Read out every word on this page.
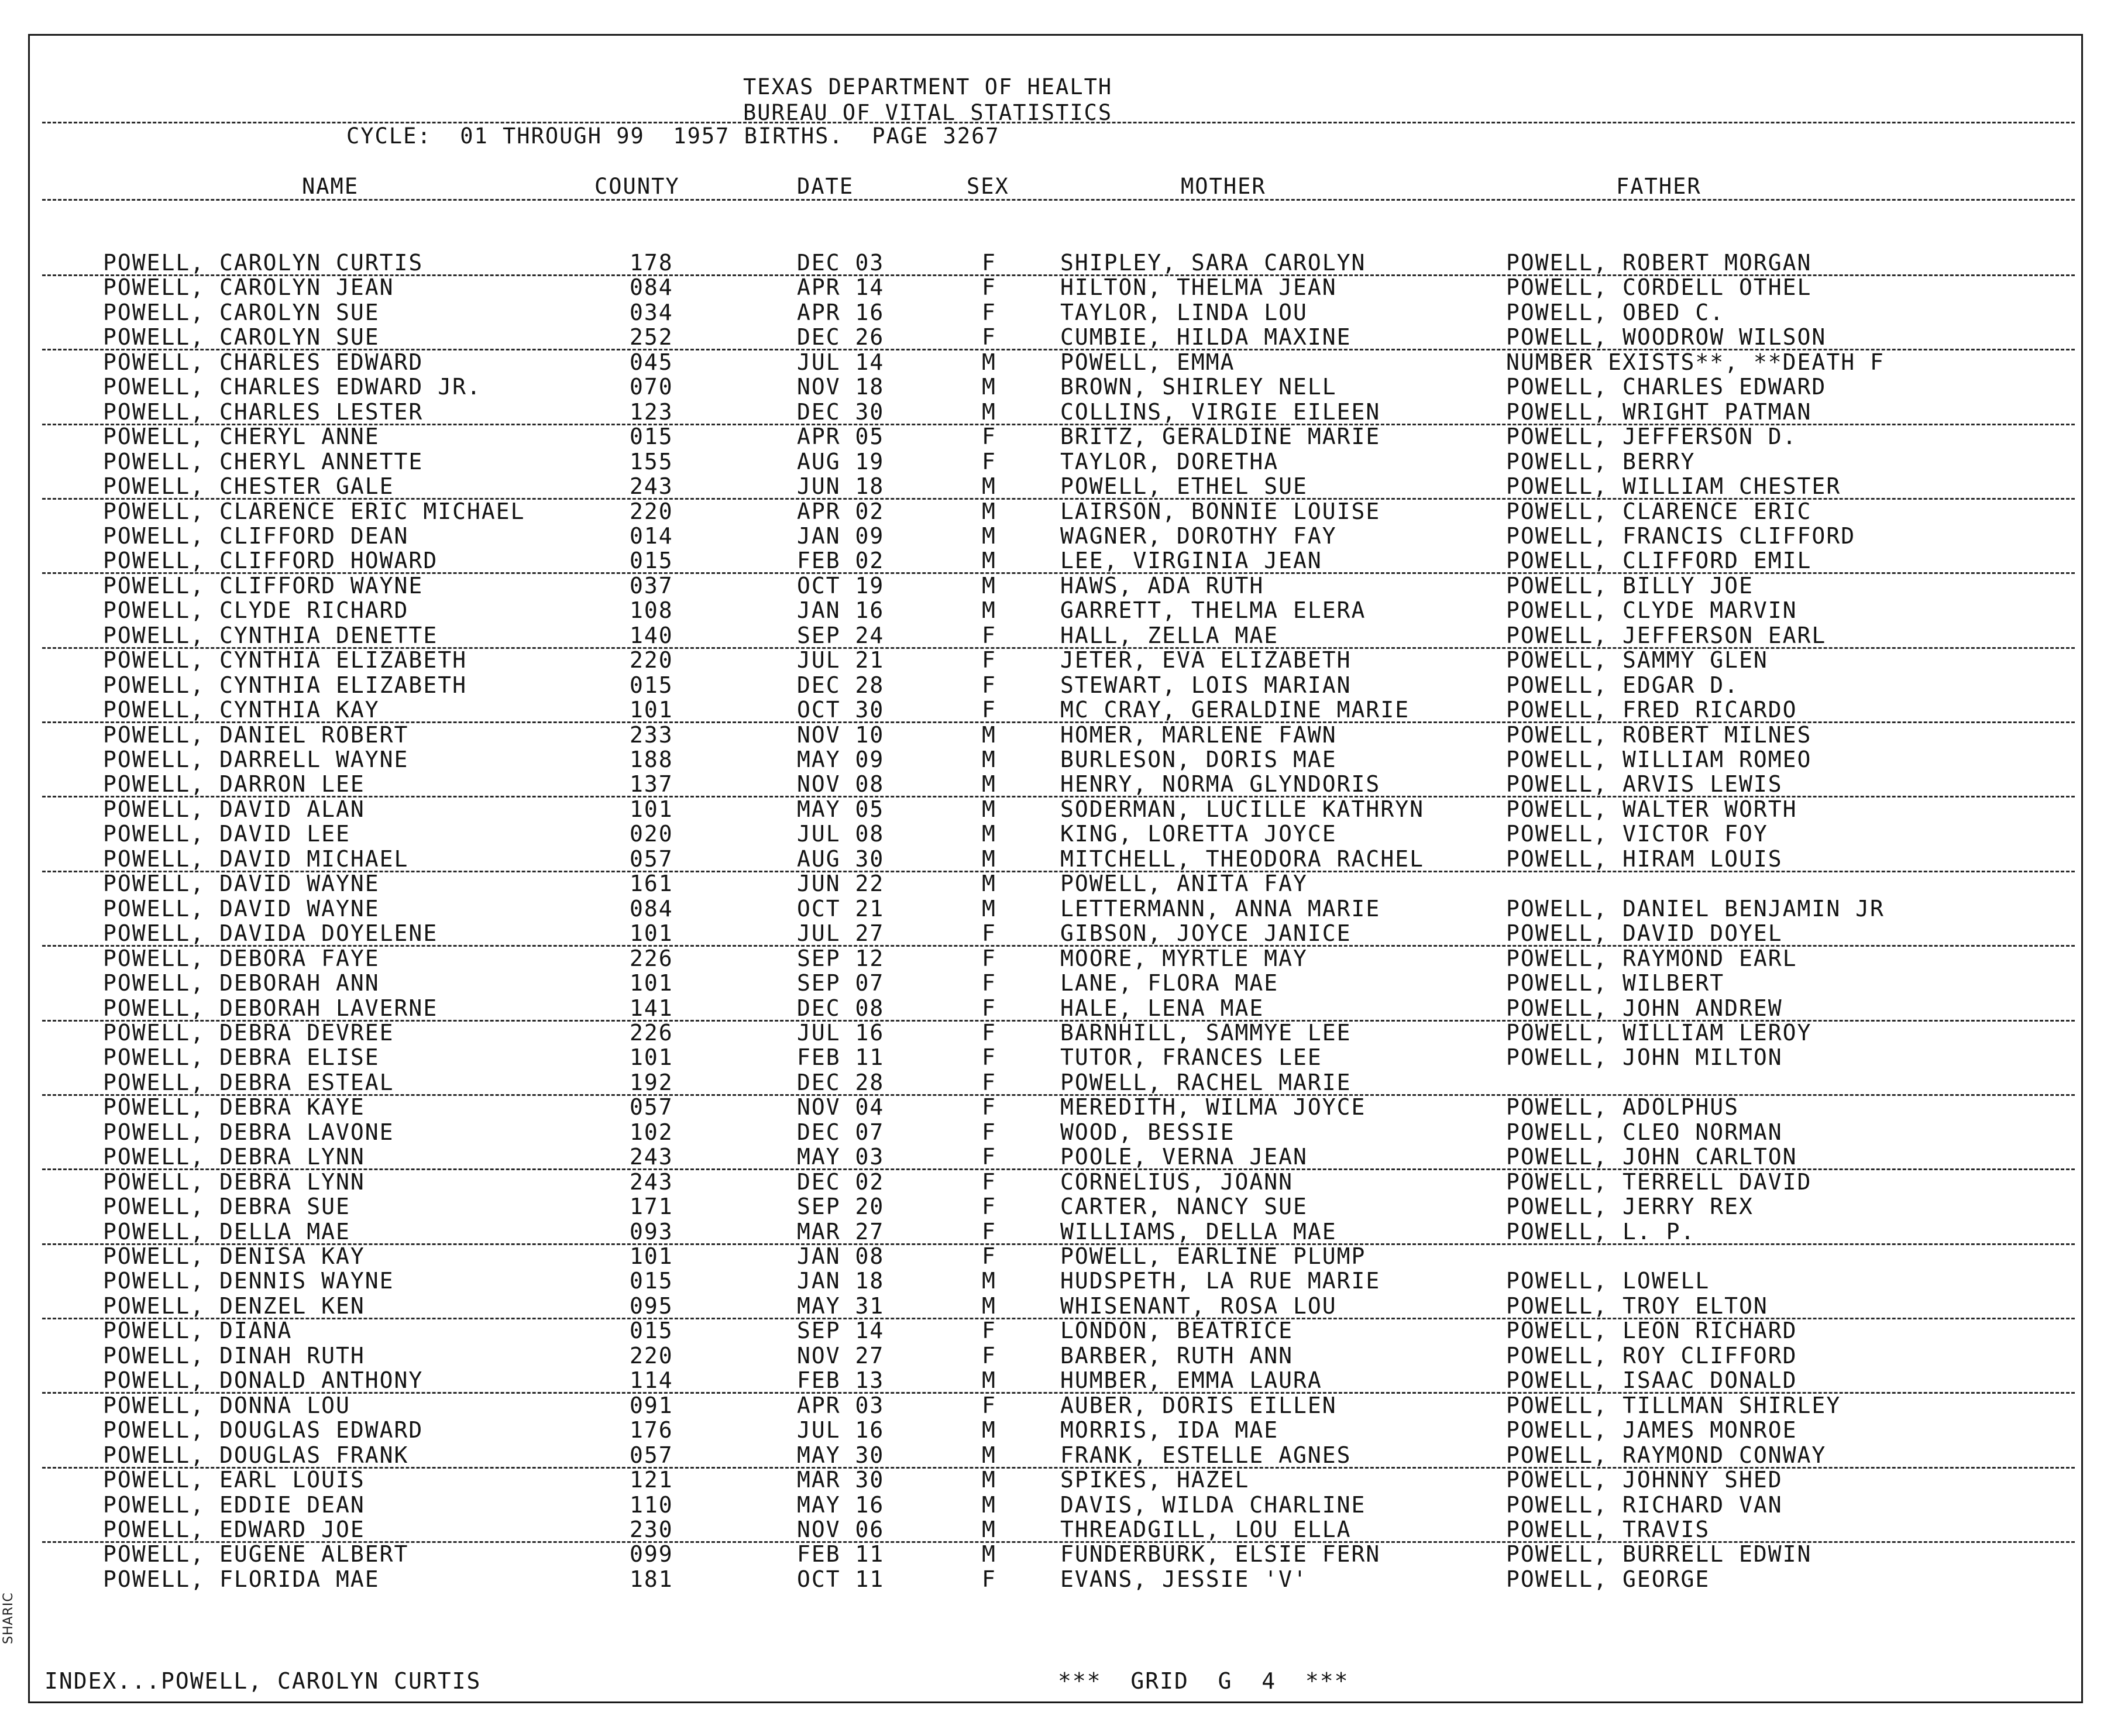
TEXAS DEPARTMENT OF HEALTH
BUREAU OF VITAL STATISTICS
CYCLE:  01 THROUGH 99  1957 BIRTHS.  PAGE 3267
NAME	COUNTY	DATE	SEX	MOTHER	FATHER
POWELL, CAROLYN CURTIS	178	DEC 03	F	SHIPLEY, SARA CAROLYN	POWELL, ROBERT MORGAN
POWELL, CAROLYN JEAN	084	APR 14	F	HILTON, THELMA JEAN	POWELL, CORDELL OTHEL
POWELL, CAROLYN SUE	034	APR 16	F	TAYLOR, LINDA LOU	POWELL, OBED C.
POWELL, CAROLYN SUE	252	DEC 26	F	CUMBIE, HILDA MAXINE	POWELL, WOODROW WILSON
POWELL, CHARLES EDWARD	045	JUL 14	M	POWELL, EMMA	NUMBER EXISTS**, **DEATH F
POWELL, CHARLES EDWARD JR.	070	NOV 18	M	BROWN, SHIRLEY NELL	POWELL, CHARLES EDWARD
POWELL, CHARLES LESTER	123	DEC 30	M	COLLINS, VIRGIE EILEEN	POWELL, WRIGHT PATMAN
POWELL, CHERYL ANNE	015	APR 05	F	BRITZ, GERALDINE MARIE	POWELL, JEFFERSON D.
POWELL, CHERYL ANNETTE	155	AUG 19	F	TAYLOR, DORETHA	POWELL, BERRY
POWELL, CHESTER GALE	243	JUN 18	M	POWELL, ETHEL SUE	POWELL, WILLIAM CHESTER
POWELL, CLARENCE ERIC MICHAEL	220	APR 02	M	LAIRSON, BONNIE LOUISE	POWELL, CLARENCE ERIC
POWELL, CLIFFORD DEAN	014	JAN 09	M	WAGNER, DOROTHY FAY	POWELL, FRANCIS CLIFFORD
POWELL, CLIFFORD HOWARD	015	FEB 02	M	LEE, VIRGINIA JEAN	POWELL, CLIFFORD EMIL
POWELL, CLIFFORD WAYNE	037	OCT 19	M	HAWS, ADA RUTH	POWELL, BILLY JOE
POWELL, CLYDE RICHARD	108	JAN 16	M	GARRETT, THELMA ELERA	POWELL, CLYDE MARVIN
POWELL, CYNTHIA DENETTE	140	SEP 24	F	HALL, ZELLA MAE	POWELL, JEFFERSON EARL
POWELL, CYNTHIA ELIZABETH	220	JUL 21	F	JETER, EVA ELIZABETH	POWELL, SAMMY GLEN
POWELL, CYNTHIA ELIZABETH	015	DEC 28	F	STEWART, LOIS MARIAN	POWELL, EDGAR D.
POWELL, CYNTHIA KAY	101	OCT 30	F	MC CRAY, GERALDINE MARIE	POWELL, FRED RICARDO
POWELL, DANIEL ROBERT	233	NOV 10	M	HOMER, MARLENE FAWN	POWELL, ROBERT MILNES
POWELL, DARRELL WAYNE	188	MAY 09	M	BURLESON, DORIS MAE	POWELL, WILLIAM ROMEO
POWELL, DARRON LEE	137	NOV 08	M	HENRY, NORMA GLYNDORIS	POWELL, ARVIS LEWIS
POWELL, DAVID ALAN	101	MAY 05	M	SODERMAN, LUCILLE KATHRYN	POWELL, WALTER WORTH
POWELL, DAVID LEE	020	JUL 08	M	KING, LORETTA JOYCE	POWELL, VICTOR FOY
POWELL, DAVID MICHAEL	057	AUG 30	M	MITCHELL, THEODORA RACHEL	POWELL, HIRAM LOUIS
POWELL, DAVID WAYNE	161	JUN 22	M	POWELL, ANITA FAY
POWELL, DAVID WAYNE	084	OCT 21	M	LETTERMANN, ANNA MARIE	POWELL, DANIEL BENJAMIN JR
POWELL, DAVIDA DOYELENE	101	JUL 27	F	GIBSON, JOYCE JANICE	POWELL, DAVID DOYEL
POWELL, DEBORA FAYE	226	SEP 12	F	MOORE, MYRTLE MAY	POWELL, RAYMOND EARL
POWELL, DEBORAH ANN	101	SEP 07	F	LANE, FLORA MAE	POWELL, WILBERT
POWELL, DEBORAH LAVERNE	141	DEC 08	F	HALE, LENA MAE	POWELL, JOHN ANDREW
POWELL, DEBRA DEVREE	226	JUL 16	F	BARNHILL, SAMMYE LEE	POWELL, WILLIAM LEROY
POWELL, DEBRA ELISE	101	FEB 11	F	TUTOR, FRANCES LEE	POWELL, JOHN MILTON
POWELL, DEBRA ESTEAL	192	DEC 28	F	POWELL, RACHEL MARIE
POWELL, DEBRA KAYE	057	NOV 04	F	MEREDITH, WILMA JOYCE	POWELL, ADOLPHUS
POWELL, DEBRA LAVONE	102	DEC 07	F	WOOD, BESSIE	POWELL, CLEO NORMAN
POWELL, DEBRA LYNN	243	MAY 03	F	POOLE, VERNA JEAN	POWELL, JOHN CARLTON
POWELL, DEBRA LYNN	243	DEC 02	F	CORNELIUS, JOANN	POWELL, TERRELL DAVID
POWELL, DEBRA SUE	171	SEP 20	F	CARTER, NANCY SUE	POWELL, JERRY REX
POWELL, DELLA MAE	093	MAR 27	F	WILLIAMS, DELLA MAE	POWELL, L. P.
POWELL, DENISA KAY	101	JAN 08	F	POWELL, EARLINE PLUMP
POWELL, DENNIS WAYNE	015	JAN 18	M	HUDSPETH, LA RUE MARIE	POWELL, LOWELL
POWELL, DENZEL KEN	095	MAY 31	M	WHISENANT, ROSA LOU	POWELL, TROY ELTON
POWELL, DIANA	015	SEP 14	F	LONDON, BEATRICE	POWELL, LEON RICHARD
POWELL, DINAH RUTH	220	NOV 27	F	BARBER, RUTH ANN	POWELL, ROY CLIFFORD
POWELL, DONALD ANTHONY	114	FEB 13	M	HUMBER, EMMA LAURA	POWELL, ISAAC DONALD
POWELL, DONNA LOU	091	APR 03	F	AUBER, DORIS EILLEN	POWELL, TILLMAN SHIRLEY
POWELL, DOUGLAS EDWARD	176	JUL 16	M	MORRIS, IDA MAE	POWELL, JAMES MONROE
POWELL, DOUGLAS FRANK	057	MAY 30	M	FRANK, ESTELLE AGNES	POWELL, RAYMOND CONWAY
POWELL, EARL LOUIS	121	MAR 30	M	SPIKES, HAZEL	POWELL, JOHNNY SHED
POWELL, EDDIE DEAN	110	MAY 16	M	DAVIS, WILDA CHARLINE	POWELL, RICHARD VAN
POWELL, EDWARD JOE	230	NOV 06	M	THREADGILL, LOU ELLA	POWELL, TRAVIS
POWELL, EUGENE ALBERT	099	FEB 11	M	FUNDERBURK, ELSIE FERN	POWELL, BURRELL EDWIN
POWELL, FLORIDA MAE	181	OCT 11	F	EVANS, JESSIE 'V'	POWELL, GEORGE
INDEX...POWELL, CAROLYN CURTIS	***  GRID  G  4  ***
SHARIC
